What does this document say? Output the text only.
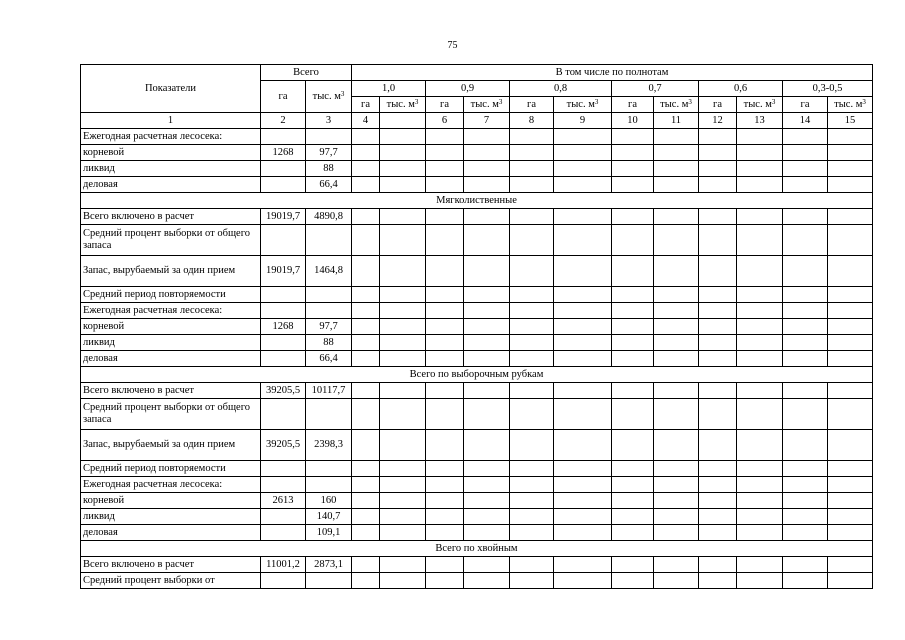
75
Показатели	Всего		В том числе по полнотам											
	га	тыс. $м^3$	1,0		0,9		0,8		0,7		0,6		0,3-0,5	
			га	тыс. $м^3$	га	тыс. $м^3$	га	тыс. $м^3$	га	тыс. $м^3$	га	тыс. $м^3$	га	тыс. $м^3$
1	2	3	4		6	7	8	9	10	11	12	13	14	15
Ежегодная расчетная лесосека:														
корневой	1268	97,7												
ликвид		88												
деловая		66,4												
Мягколиственные														
Всего включено в расчет	19019,7	4890,8												
Средний процент выборки от общего запаса														
Запас, вырубаемый за один прием	19019,7	1464,8												
Средний период повторяемости														
Ежегодная расчетная лесосека:														
корневой	1268	97,7												
ликвид		88												
деловая		66,4												
Всего по выборочным рубкам														
Всего включено в расчет	39205,5	10117,7												
Средний процент выборки от общего запаса														
Запас, вырубаемый за один прием	39205,5	2398,3												
Средний период повторяемости														
Ежегодная расчетная лесосека:														
корневой	2613	160												
ликвид		140,7												
деловая		109,1												
Всего по хвойным														
Всего включено в расчет	11001,2	2873,1												
Средний процент выборки от														
